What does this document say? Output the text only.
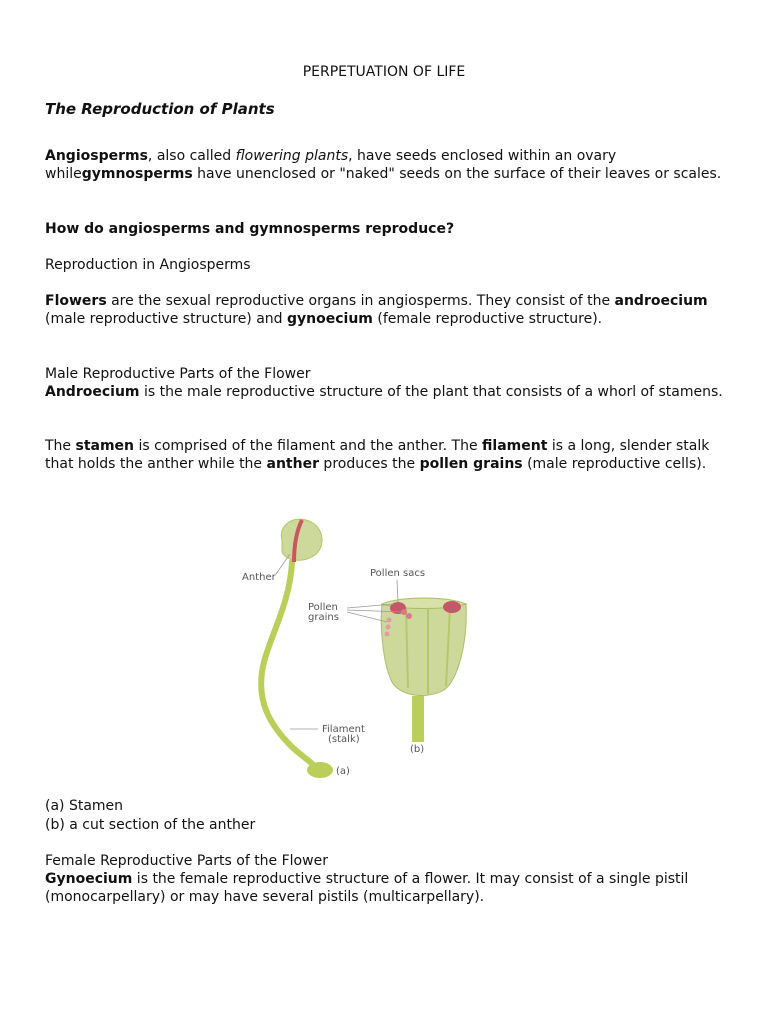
PERPETUATION OF LIFE
The Reproduction of Plants

Angiosperms, also called flowering plants, have seeds enclosed within an ovary whilegymnosperms have unenclosed or "naked" seeds on the surface of their leaves or scales.

How do angiosperms and gymnosperms reproduce?

Reproduction in Angiosperms

Flowers are the sexual reproductive organs in angiosperms. They consist of the androecium (male reproductive structure) and gynoecium (female reproductive structure).

Male Reproductive Parts of the Flower

Androecium is the male reproductive structure of the plant that consists of a whorl of stamens.

The stamen is comprised of the filament and the anther. The filament is a long, slender stalk that holds the anther while the anther produces the pollen grains (male reproductive cells).

Anther	Pollen sacs
Pollen
grains
Filament
(stalk)
(a)
(b)

(a) Stamen

(b) a cut section of the anther

Female Reproductive Parts of the Flower

Gynoecium is the female reproductive structure of a flower. It may consist of a single pistil (monocarpellary) or may have several pistils (multicarpellary).
